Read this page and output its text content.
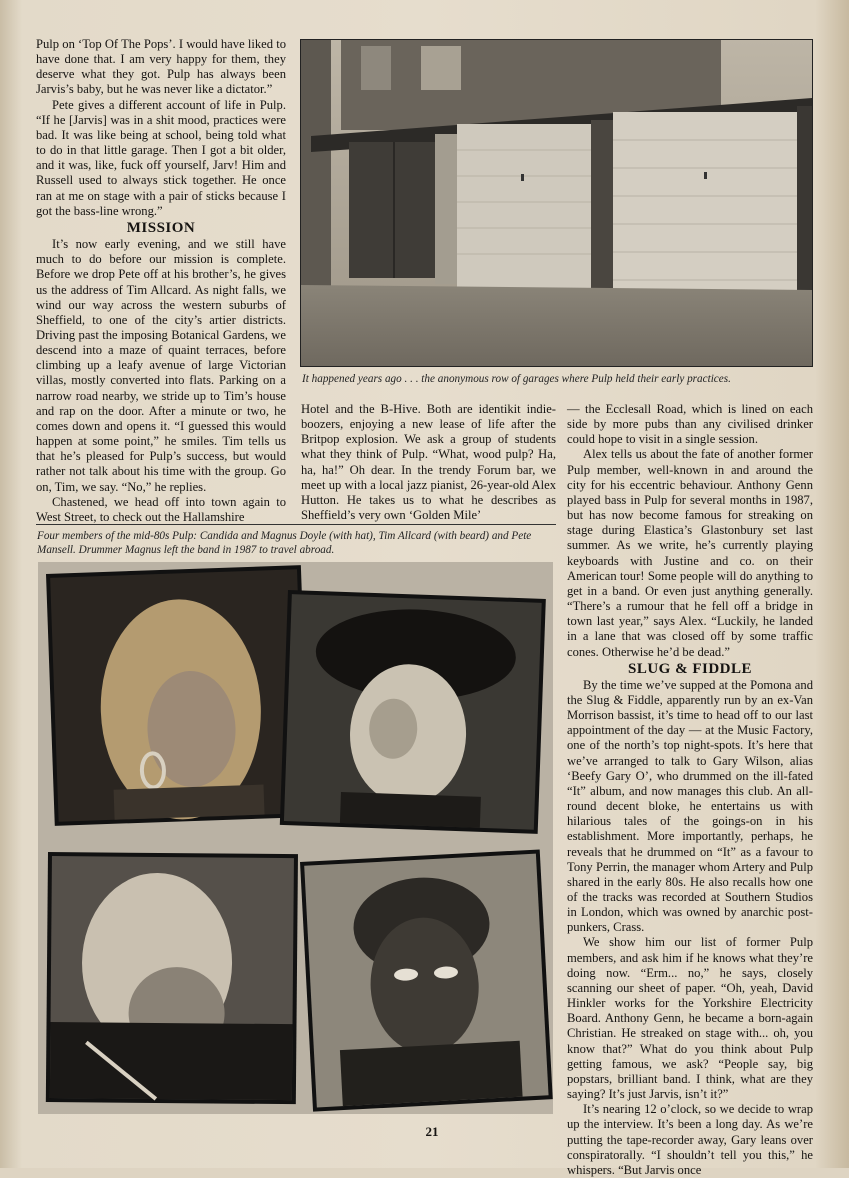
Pulp on ‘Top Of The Pops’. I would have liked to have done that. I am very happy for them, they deserve what they got. Pulp has always been Jarvis’s baby, but he was never like a dictator.”

Pete gives a different account of life in Pulp. “If he [Jarvis] was in a shit mood, practices were bad. It was like being at school, being told what to do in that little garage. Then I got a bit older, and it was, like, fuck off yourself, Jarv! Him and Russell used to always stick together. He once ran at me on stage with a pair of sticks because I got the bass-line wrong.”

MISSION

It’s now early evening, and we still have much to do before our mission is complete. Before we drop Pete off at his brother’s, he gives us the address of Tim Allcard. As night falls, we wind our way across the western suburbs of Sheffield, to one of the city’s artier districts. Driving past the imposing Botanical Gardens, we descend into a maze of quaint terraces, before climbing up a leafy avenue of large Victorian villas, mostly converted into flats. Parking on a narrow road nearby, we stride up to Tim’s house and rap on the door. After a minute or two, he comes down and opens it. “I guessed this would happen at some point,” he smiles. Tim tells us that he’s pleased for Pulp’s success, but would rather not talk about his time with the group. Go on, Tim, we say. “No,” he replies.

Chastened, we head off into town again to West Street, to check out the Hallamshire

It happened years ago . . . the anonymous row of garages where Pulp held their early practices.

Hotel and the B-Hive. Both are identikit indie-boozers, enjoying a new lease of life after the Britpop explosion. We ask a group of students what they think of Pulp. “What, wood pulp? Ha, ha, ha!” Oh dear. In the trendy Forum bar, we meet up with a local jazz pianist, 26-year-old Alex Hutton. He takes us to what he describes as Sheffield’s very own ‘Golden Mile’

Four members of the mid-80s Pulp: Candida and Magnus Doyle (with hat), Tim Allcard (with beard) and Pete Mansell. Drummer Magnus left the band in 1987 to travel abroad.

— the Ecclesall Road, which is lined on each side by more pubs than any civilised drinker could hope to visit in a single session.

Alex tells us about the fate of another former Pulp member, well-known in and around the city for his eccentric behaviour. Anthony Genn played bass in Pulp for several months in 1987, but has now become famous for streaking on stage during Elastica’s Glastonbury set last summer. As we write, he’s currently playing keyboards with Justine and co. on their American tour! Some people will do anything to get in a band. Or even just anything generally. “There’s a rumour that he fell off a bridge in town last year,” says Alex. “Luckily, he landed in a lane that was closed off by some traffic cones. Otherwise he’d be dead.”

SLUG & FIDDLE

By the time we’ve supped at the Pomona and the Slug & Fiddle, apparently run by an ex-Van Morrison bassist, it’s time to head off to our last appointment of the day — at the Music Factory, one of the north’s top night-spots. It’s here that we’ve arranged to talk to Gary Wilson, alias ‘Beefy Gary O’, who drummed on the ill-fated “It” album, and now manages this club. An all-round decent bloke, he entertains us with hilarious tales of the goings-on in his establishment. More importantly, perhaps, he reveals that he drummed on “It” as a favour to Tony Perrin, the manager whom Artery and Pulp shared in the early 80s. He also recalls how one of the tracks was recorded at Southern Studios in London, which was owned by anarchic post-punkers, Crass.

We show him our list of former Pulp members, and ask him if he knows what they’re doing now. “Erm... no,” he says, closely scanning our sheet of paper. “Oh, yeah, David Hinkler works for the Yorkshire Electricity Board. Anthony Genn, he became a born-again Christian. He streaked on stage with... oh, you know that?” What do you think about Pulp getting famous, we ask? “People say, big popstars, brilliant band. I think, what are they saying? It’s just Jarvis, isn’t it?”

It’s nearing 12 o’clock, so we decide to wrap up the interview. It’s been a long day. As we’re putting the tape-recorder away, Gary leans over conspiratorally. “I shouldn’t tell you this,” he whispers. “But Jarvis once

21
